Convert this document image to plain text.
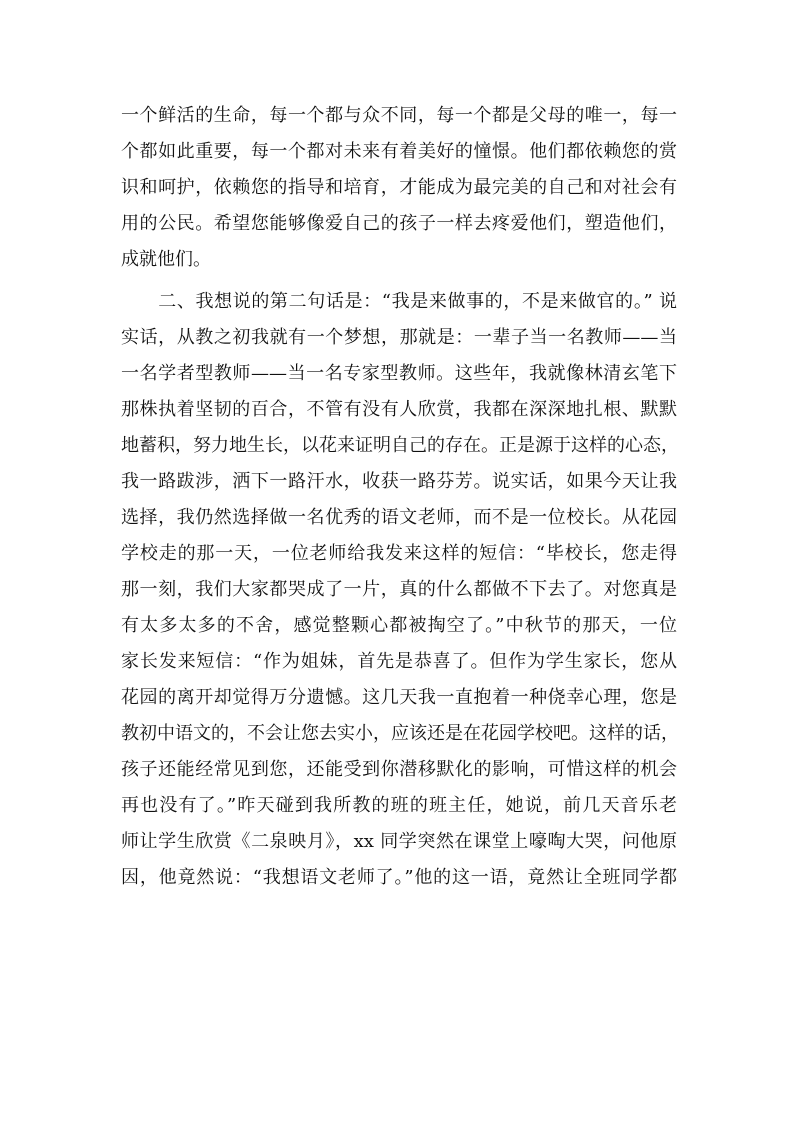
一个鲜活的生命，每一个都与众不同，每一个都是父母的唯一，每一
个都如此重要，每一个都对未来有着美好的憧憬。他们都依赖您的赏
识和呵护，依赖您的指导和培育，才能成为最完美的自己和对社会有
用的公民。希望您能够像爱自己的孩子一样去疼爱他们，塑造他们，
成就他们。
　　二、我想说的第二句话是：“我是来做事的，不是来做官的。” 说
实话，从教之初我就有一个梦想，那就是：一辈子当一名教师——当
一名学者型教师——当一名专家型教师。这些年，我就像林清玄笔下
那株执着坚韧的百合，不管有没有人欣赏，我都在深深地扎根、默默
地蓄积，努力地生长，以花来证明自己的存在。正是源于这样的心态，
我一路跋涉，洒下一路汗水，收获一路芬芳。说实话，如果今天让我
选择，我仍然选择做一名优秀的语文老师，而不是一位校长。从花园
学校走的那一天，一位老师给我发来这样的短信：“毕校长，您走得
那一刻，我们大家都哭成了一片，真的什么都做不下去了。对您真是
有太多太多的不舍，感觉整颗心都被掏空了。”中秋节的那天，一位
家长发来短信：“作为姐妹，首先是恭喜了。但作为学生家长，您从
花园的离开却觉得万分遗憾。这几天我一直抱着一种侥幸心理，您是
教初中语文的，不会让您去实小，应该还是在花园学校吧。这样的话，
孩子还能经常见到您，还能受到你潜移默化的影响，可惜这样的机会
再也没有了。”昨天碰到我所教的班的班主任，她说，前几天音乐老
师让学生欣赏《二泉映月》，xx 同学突然在课堂上嚎啕大哭，问他原
因，他竟然说：“我想语文老师了。”他的这一语，竟然让全班同学都
